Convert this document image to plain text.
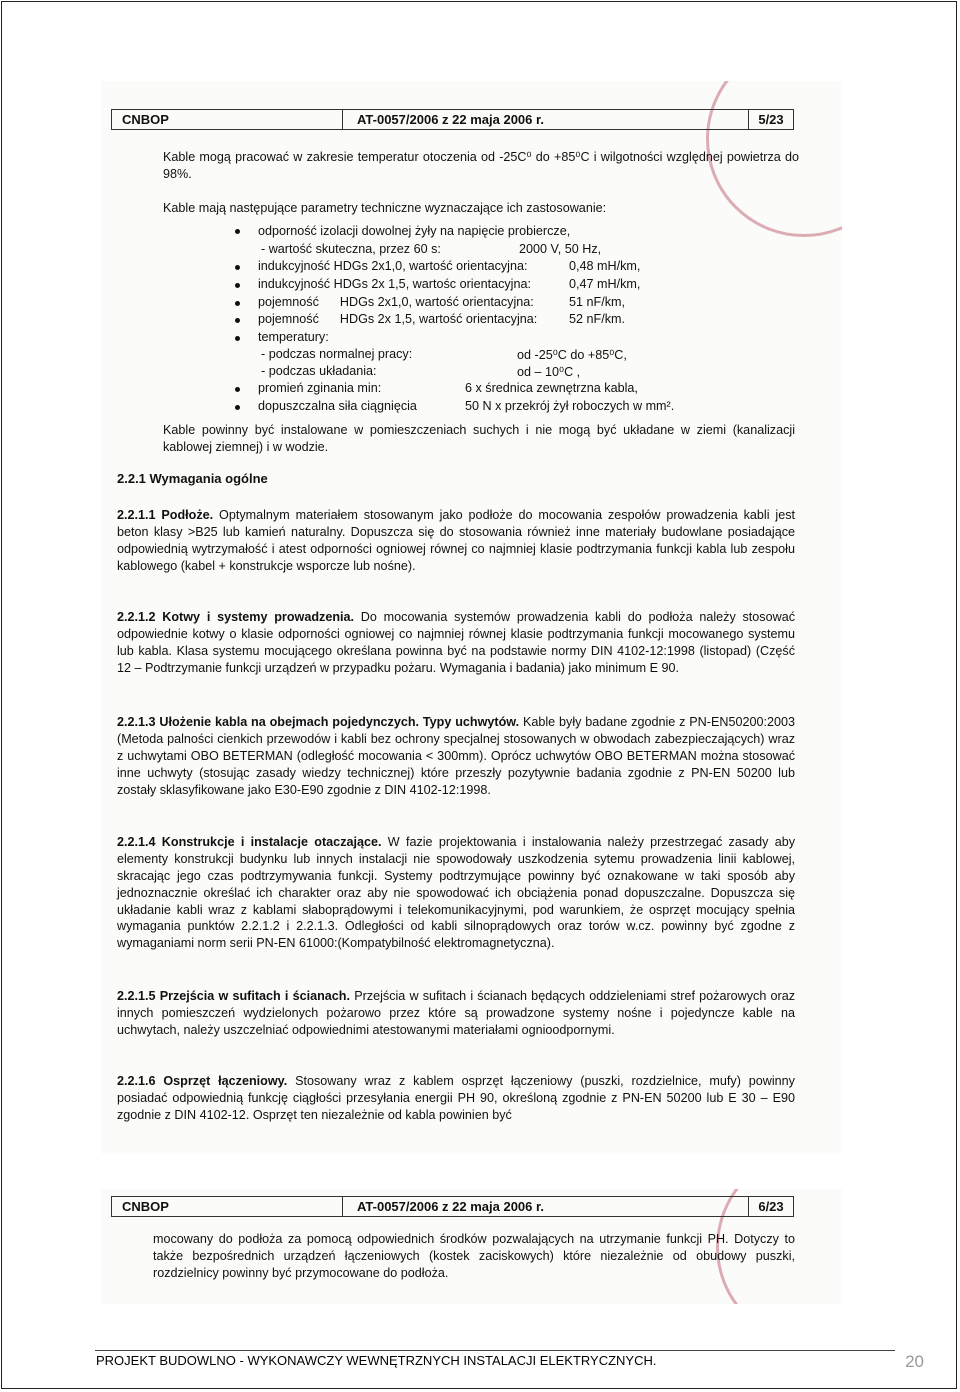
CNBOP	AT-0057/2006 z 22 maja 2006 r.	5/23
Kable mogą pracować w zakresie temperatur otoczenia od -25C⁰ do +85⁰C i wilgotności względnej powietrza do 98%.
Kable mają następujące parametry techniczne wyznaczające ich zastosowanie:
odporność izolacji dowolnej żyły na napięcie probiercze,
- wartość skuteczna, przez 60 s:	2000 V, 50 Hz,
indukcyjność HDGs 2x1,0, wartość orientacyjna:	0,48 mH/km,
indukcyjność HDGs 2x 1,5, wartośc orientacyjna:	0,47 mH/km,
pojemność      HDGs 2x1,0, wartość orientacyjna:	51 nF/km,
pojemność      HDGs 2x 1,5, wartość orientacyjna:	52 nF/km.
temperatury:
- podczas normalnej pracy:	od -25⁰C do +85⁰C,
- podczas układania:	od – 10⁰C ,
promień zginania min:	6 x średnica zewnętrzna kabla,
dopuszczalna siła ciągnięcia	50 N x przekrój żył roboczych w mm².
Kable powinny być instalowane w pomieszczeniach suchych i nie mogą być układane w ziemi (kanalizacji kablowej ziemnej) i w wodzie.
2.2.1 Wymagania ogólne
2.2.1.1 Podłoże. Optymalnym materiałem stosowanym jako podłoże do mocowania zespołów prowadzenia kabli jest beton klasy >B25 lub kamień naturalny. Dopuszcza się do stosowania również inne materiały budowlane posiadające odpowiednią wytrzymałość i atest odporności ogniowej równej co najmniej klasie podtrzymania funkcji kabla lub zespołu kablowego (kabel + konstrukcje wsporcze lub nośne).
2.2.1.2 Kotwy i systemy prowadzenia. Do mocowania systemów prowadzenia kabli do podłoża należy stosować odpowiednie kotwy o klasie odporności ogniowej co najmniej równej klasie podtrzymania funkcji mocowanego systemu lub kabla. Klasa systemu mocującego określana powinna być na podstawie normy DIN 4102-12:1998 (listopad) (Część 12 – Podtrzymanie funkcji urządzeń w przypadku pożaru. Wymagania i badania) jako minimum E 90.
2.2.1.3 Ułożenie kabla na obejmach pojedynczych. Typy uchwytów. Kable były badane zgodnie z PN-EN50200:2003 (Metoda palności cienkich przewodów i kabli bez ochrony specjalnej stosowanych w obwodach zabezpieczających) wraz z uchwytami OBO BETERMAN (odległość mocowania < 300mm). Oprócz uchwytów OBO BETERMAN można stosować inne uchwyty (stosując zasady wiedzy technicznej) które przeszły pozytywnie badania zgodnie z PN-EN 50200 lub zostały sklasyfikowane jako E30-E90 zgodnie z DIN 4102-12:1998.
2.2.1.4 Konstrukcje i instalacje otaczające. W fazie projektowania i instalowania należy przestrzegać zasady aby elementy konstrukcji budynku lub innych instalacji nie spowodowały uszkodzenia sytemu prowadzenia linii kablowej, skracając jego czas podtrzymywania funkcji. Systemy podtrzymujące powinny być oznakowane w taki sposób aby jednoznacznie określać ich charakter oraz aby nie spowodować ich obciążenia ponad dopuszczalne. Dopuszcza się układanie kabli wraz z kablami słaboprądowymi i telekomunikacyjnymi, pod warunkiem, że osprzęt mocujący spełnia wymagania punktów 2.2.1.2 i 2.2.1.3. Odległości od kabli silnoprądowych oraz torów w.cz. powinny być zgodne z wymaganiami norm serii PN-EN 61000:(Kompatybilność elektromagnetyczna).
2.2.1.5 Przejścia w sufitach i ścianach. Przejścia w sufitach i ścianach będących oddzieleniami stref pożarowych oraz innych pomieszczeń wydzielonych pożarowo przez które są prowadzone systemy nośne i pojedyncze kable na uchwytach, należy uszczelniać odpowiednimi atestowanymi materiałami ognioodpornymi.
2.2.1.6 Osprzęt łączeniowy. Stosowany wraz z kablem osprzęt łączeniowy (puszki, rozdzielnice, mufy) powinny posiadać odpowiednią funkcję ciągłości przesyłania energii PH 90, określoną zgodnie z PN-EN 50200 lub E 30 – E90 zgodnie z DIN 4102-12. Osprzęt ten niezależnie od kabla powinien być
CNBOP	AT-0057/2006 z 22 maja 2006 r.	6/23
mocowany do podłoża za pomocą odpowiednich środków pozwalających na utrzymanie funkcji PH. Dotyczy to także bezpośrednich urządzeń łączeniowych (kostek zaciskowych) które niezależnie od obudowy puszki, rozdzielnicy powinny być przymocowane do podłoża.
PROJEKT BUDOWLNO - WYKONAWCZY WEWNĘTRZNYCH INSTALACJI ELEKTRYCZNYCH.	20
